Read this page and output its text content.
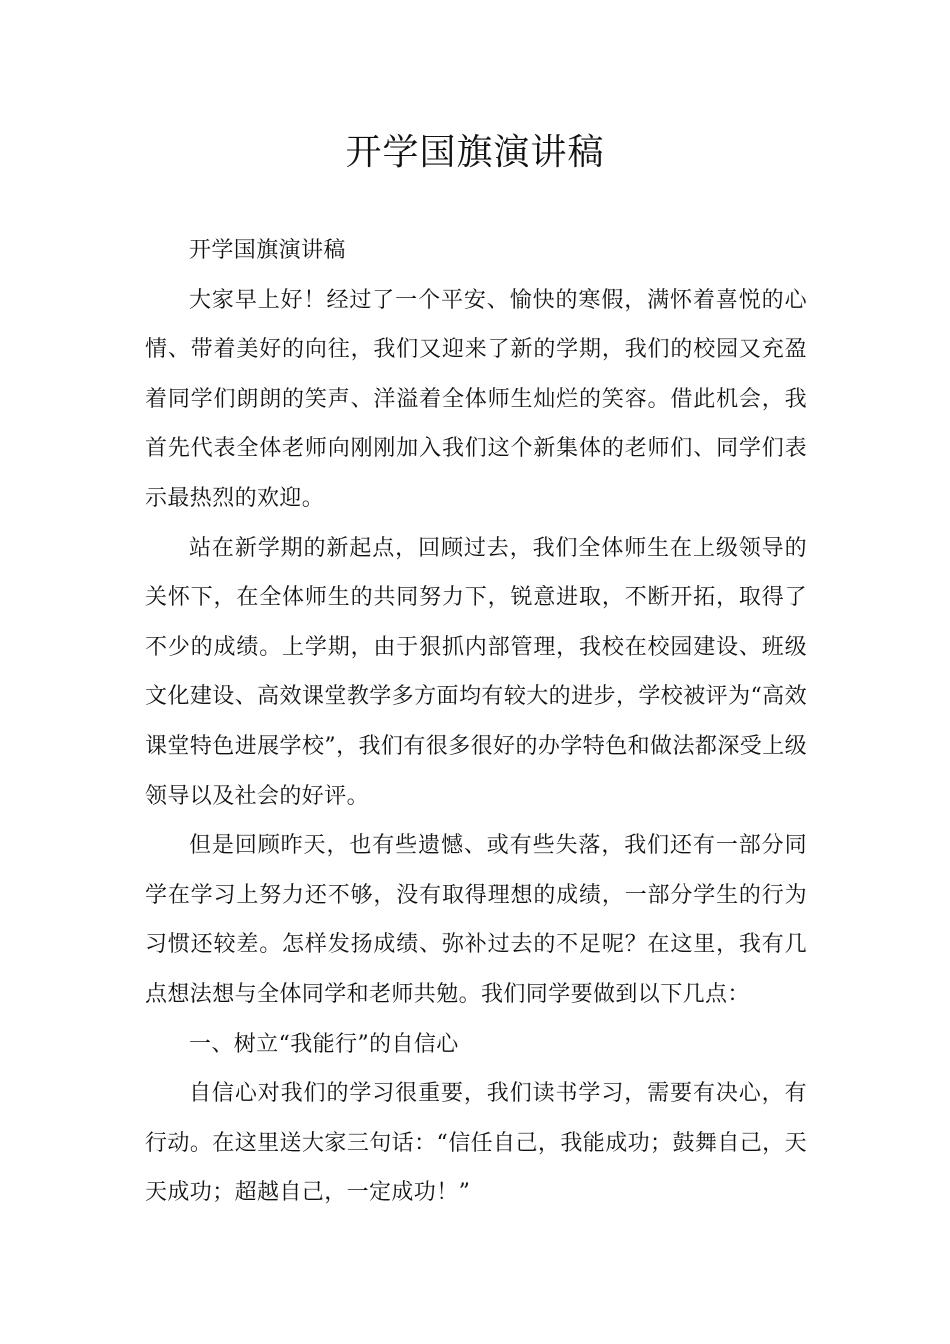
开学国旗演讲稿

开学国旗演讲稿

大家早上好！经过了一个平安、愉快的寒假，满怀着喜悦的心情、带着美好的向往，我们又迎来了新的学期，我们的校园又充盈着同学们朗朗的笑声、洋溢着全体师生灿烂的笑容。借此机会，我首先代表全体老师向刚刚加入我们这个新集体的老师们、同学们表示最热烈的欢迎。

站在新学期的新起点，回顾过去，我们全体师生在上级领导的关怀下，在全体师生的共同努力下，锐意进取，不断开拓，取得了不少的成绩。上学期，由于狠抓内部管理，我校在校园建设、班级文化建设、高效课堂教学多方面均有较大的进步，学校被评为“高效课堂特色进展学校”，我们有很多很好的办学特色和做法都深受上级领导以及社会的好评。

但是回顾昨天，也有些遗憾、或有些失落，我们还有一部分同学在学习上努力还不够，没有取得理想的成绩，一部分学生的行为习惯还较差。怎样发扬成绩、弥补过去的不足呢？在这里，我有几点想法想与全体同学和老师共勉。我们同学要做到以下几点：

一、树立“我能行”的自信心

自信心对我们的学习很重要，我们读书学习，需要有决心，有行动。在这里送大家三句话：“信任自己，我能成功；鼓舞自己，天天成功；超越自己，一定成功！”
